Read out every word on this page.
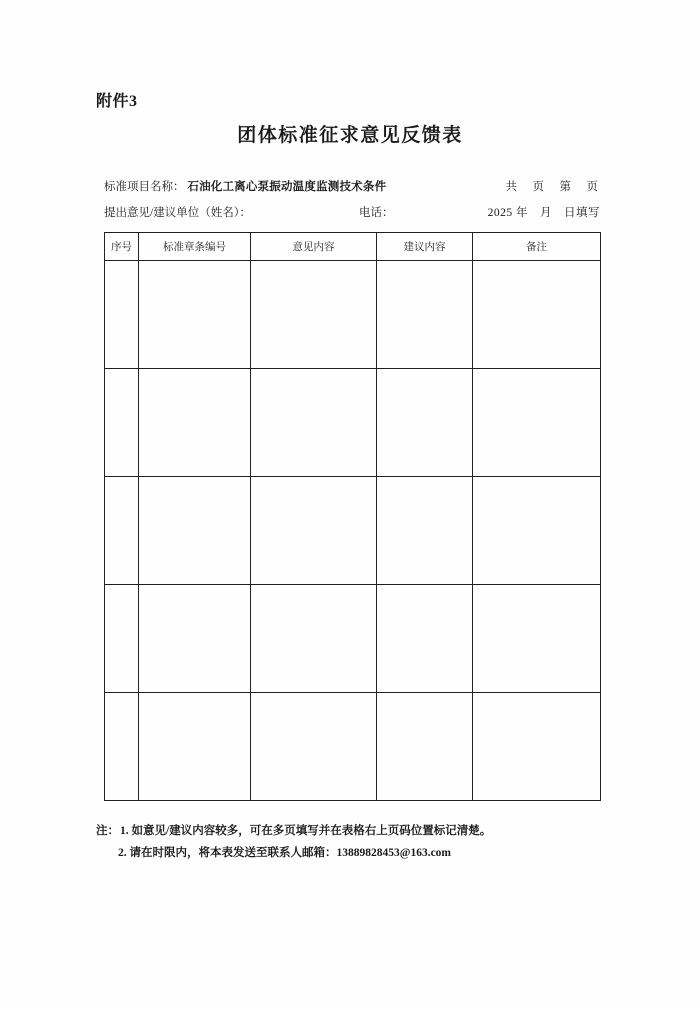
附件3
团体标准征求意见反馈表
标准项目名称： 石油化工离心泵振动温度监测技术条件	共　页　第　页
提出意见/建议单位（姓名）：	电话：	2025 年　月　日填写
序号	标准章条编号	意见内容	建议内容	备注

注：1. 如意见/建议内容较多，可在多页填写并在表格右上页码位置标记清楚。
2. 请在时限内，将本表发送至联系人邮箱：13889828453@163.com
